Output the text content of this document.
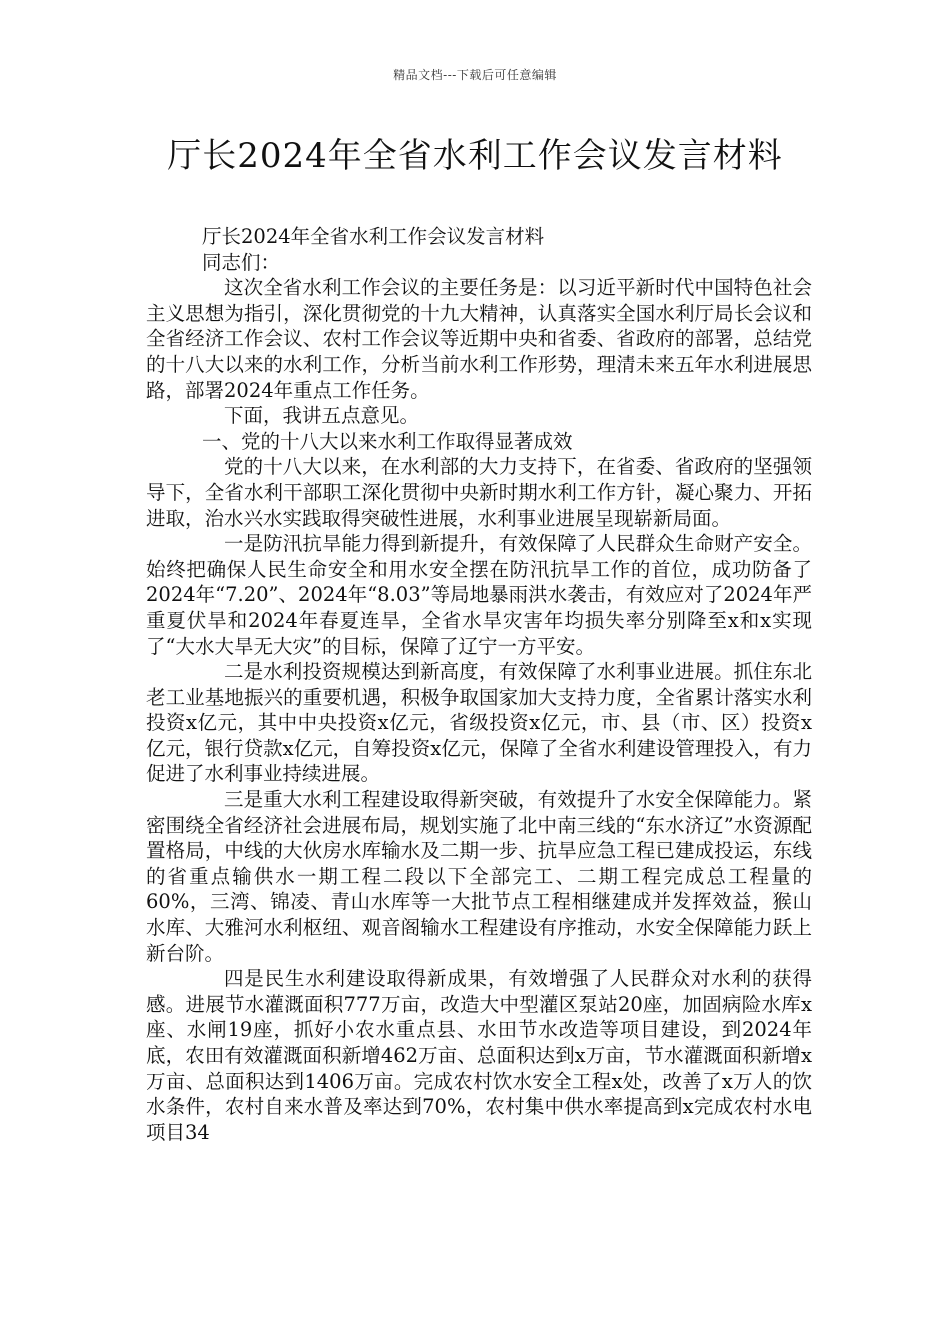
精品文档---下载后可任意编辑
厅长2024年全省水利工作会议发言材料

厅长2024年全省水利工作会议发言材料

同志们：

这次全省水利工作会议的主要任务是：以习近平新时代中国特色社会主义思想为指引，深化贯彻党的十九大精神，认真落实全国水利厅局长会议和全省经济工作会议、农村工作会议等近期中央和省委、省政府的部署，总结党的十八大以来的水利工作，分析当前水利工作形势，理清未来五年水利进展思路，部署2024年重点工作任务。

下面，我讲五点意见。

一、党的十八大以来水利工作取得显著成效

党的十八大以来，在水利部的大力支持下，在省委、省政府的坚强领导下，全省水利干部职工深化贯彻中央新时期水利工作方针，凝心聚力、开拓进取，治水兴水实践取得突破性进展，水利事业进展呈现崭新局面。

一是防汛抗旱能力得到新提升，有效保障了人民群众生命财产安全。始终把确保人民生命安全和用水安全摆在防汛抗旱工作的首位，成功防备了2024年“7.20”、2024年“8.03”等局地暴雨洪水袭击，有效应对了2024年严重夏伏旱和2024年春夏连旱，全省水旱灾害年均损失率分别降至x和x实现了“大水大旱无大灾”的目标，保障了辽宁一方平安。

二是水利投资规模达到新高度，有效保障了水利事业进展。抓住东北老工业基地振兴的重要机遇，积极争取国家加大支持力度，全省累计落实水利投资x亿元，其中中央投资x亿元，省级投资x亿元，市、县（市、区）投资x亿元，银行贷款x亿元，自筹投资x亿元，保障了全省水利建设管理投入，有力促进了水利事业持续进展。

三是重大水利工程建设取得新突破，有效提升了水安全保障能力。紧密围绕全省经济社会进展布局，规划实施了北中南三线的“东水济辽”水资源配置格局，中线的大伙房水库输水及二期一步、抗旱应急工程已建成投运，东线的省重点输供水一期工程二段以下全部完工、二期工程完成总工程量的60%，三湾、锦凌、青山水库等一大批节点工程相继建成并发挥效益，猴山水库、大雅河水利枢纽、观音阁输水工程建设有序推动，水安全保障能力跃上新台阶。

四是民生水利建设取得新成果，有效增强了人民群众对水利的获得感。进展节水灌溉面积777万亩，改造大中型灌区泵站20座，加固病险水库x座、水闸19座，抓好小农水重点县、水田节水改造等项目建设，到2024年底，农田有效灌溉面积新增462万亩、总面积达到x万亩，节水灌溉面积新增x万亩、总面积达到1406万亩。完成农村饮水安全工程x处，改善了x万人的饮水条件，农村自来水普及率达到70%，农村集中供水率提高到x完成农村水电项目34
